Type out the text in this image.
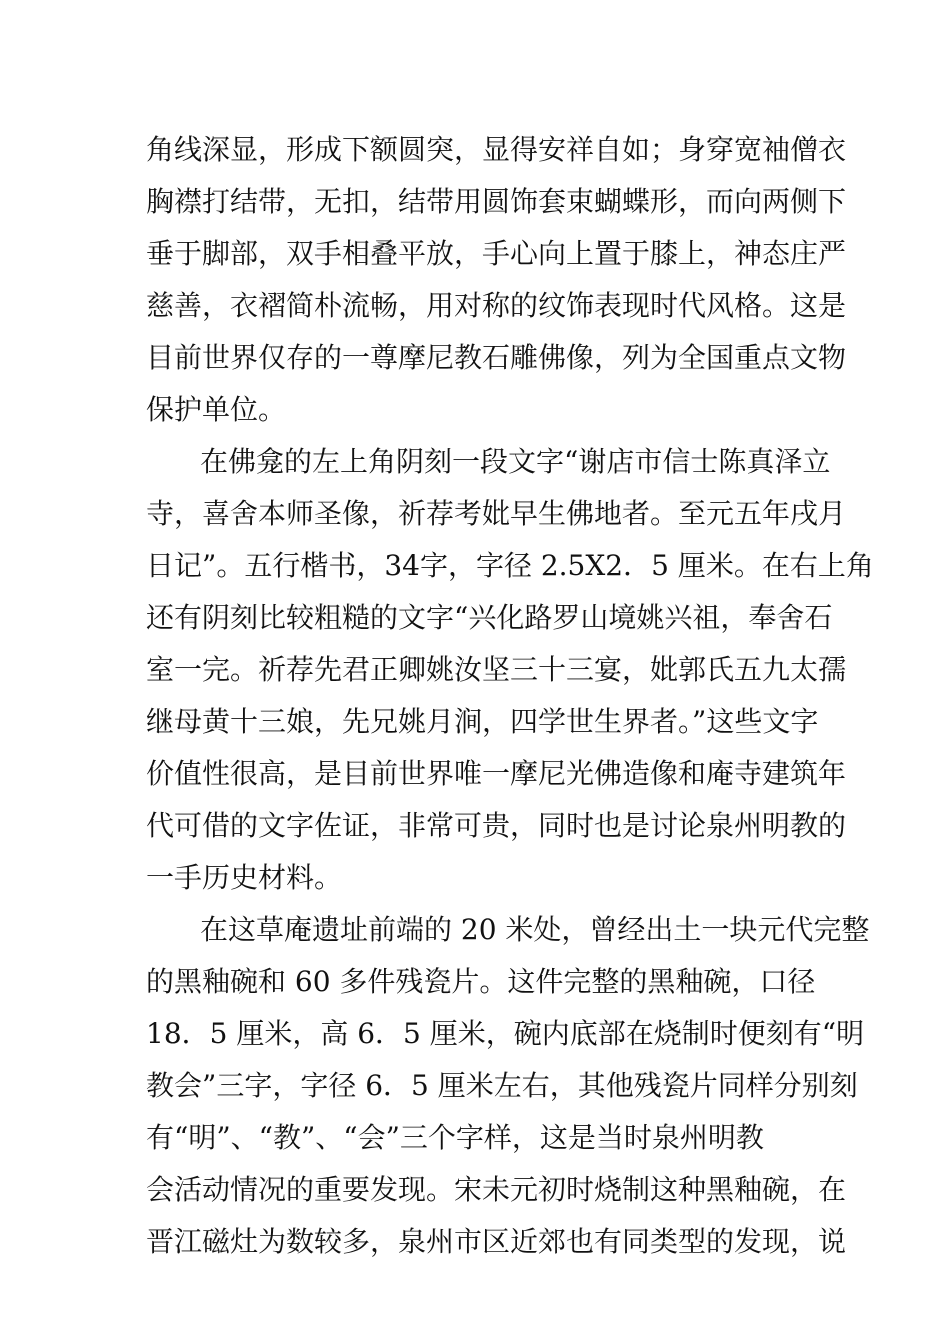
角线深显，形成下额圆突，显得安祥自如；身穿宽袖僧衣
胸襟打结带，无扣，结带用圆饰套束蝴蝶形，而向两侧下
垂于脚部，双手相叠平放，手心向上置于膝上，神态庄严
慈善，衣褶简朴流畅，用对称的纹饰表现时代风格。这是
目前世界仅存的一尊摩尼教石雕佛像，列为全国重点文物
保护单位。
在佛龛的左上角阴刻一段文字“谢店市信士陈真泽立
寺，喜舍本师圣像，祈荐考妣早生佛地者。至元五年戌月
日记”。五行楷书，34字，字径 2.5X2．5 厘米。在右上角
还有阴刻比较粗糙的文字“兴化路罗山境姚兴祖，奉舍石
室一完。祈荐先君正卿姚汝坚三十三宴，妣郭氏五九太孺
继母黄十三娘，先兄姚月涧，四学世生界者。”这些文字
价值性很高，是目前世界唯一摩尼光佛造像和庵寺建筑年
代可借的文字佐证，非常可贵，同时也是讨论泉州明教的
一手历史材料。
在这草庵遗址前端的 20 米处，曾经出土一块元代完整
的黑釉碗和 60 多件残瓷片。这件完整的黑釉碗，口径
18．5 厘米，高 6．5 厘米，碗内底部在烧制时便刻有“明
教会”三字，字径 6．5 厘米左右，其他残瓷片同样分别刻
有“明”、“教”、“会”三个字样，这是当时泉州明教
会活动情况的重要发现。宋未元初时烧制这种黑釉碗，在
晋江磁灶为数较多，泉州市区近郊也有同类型的发现，说
